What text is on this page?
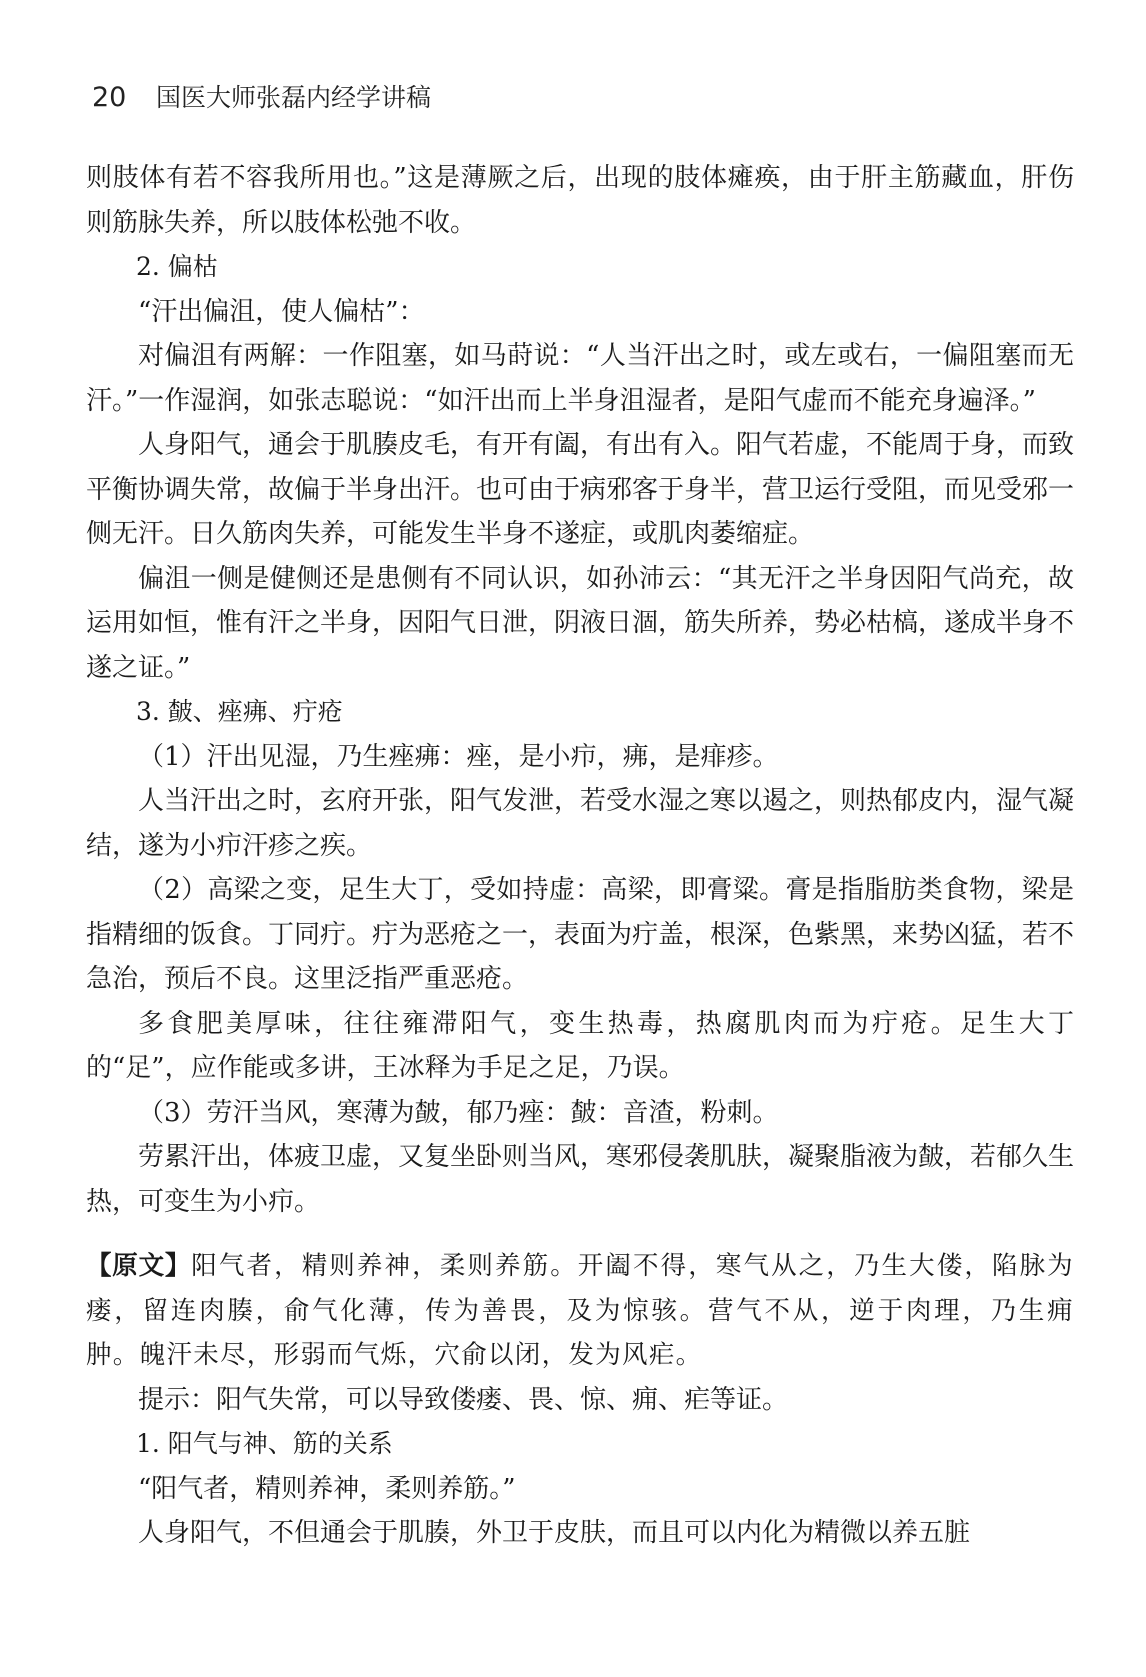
20 国医大师张磊内经学讲稿

则肢体有若不容我所用也。”这是薄厥之后，出现的肢体瘫痪，由于肝主筋藏血，肝伤则筋脉失养，所以肢体松弛不收。

2. 偏枯

“汗出偏沮，使人偏枯”：

对偏沮有两解：一作阻塞，如马莳说：“人当汗出之时，或左或右，一偏阻塞而无汗。”一作湿润，如张志聪说：“如汗出而上半身沮湿者，是阳气虚而不能充身遍泽。”

人身阳气，通会于肌腠皮毛，有开有阖，有出有入。阳气若虚，不能周于身，而致平衡协调失常，故偏于半身出汗。也可由于病邪客于身半，营卫运行受阻，而见受邪一侧无汗。日久筋肉失养，可能发生半身不遂症，或肌肉萎缩症。

偏沮一侧是健侧还是患侧有不同认识，如孙沛云：“其无汗之半身因阳气尚充，故运用如恒，惟有汗之半身，因阳气日泄，阴液日涸，筋失所养，势必枯槁，遂成半身不遂之证。”

3. 皶、痤疿、疔疮

（1）汗出见湿，乃生痤疿：痤，是小疖，疿，是痱疹。

人当汗出之时，玄府开张，阳气发泄，若受水湿之寒以遏之，则热郁皮内，湿气凝结，遂为小疖汗疹之疾。

（2）高梁之变，足生大丁，受如持虚：高梁，即膏粱。膏是指脂肪类食物，梁是指精细的饭食。丁同疔。疔为恶疮之一，表面为疔盖，根深，色紫黑，来势凶猛，若不急治，预后不良。这里泛指严重恶疮。

多食肥美厚味，往往雍滞阳气，变生热毒，热腐肌肉而为疔疮。足生大丁的“足”，应作能或多讲，王冰释为手足之足，乃误。

（3）劳汗当风，寒薄为皶，郁乃痤：皶：音渣，粉刺。

劳累汗出，体疲卫虚，又复坐卧则当风，寒邪侵袭肌肤，凝聚脂液为皶，若郁久生热，可变生为小疖。

【原文】阳气者，精则养神，柔则养筋。开阖不得，寒气从之，乃生大偻，陷脉为瘘，留连肉腠，俞气化薄，传为善畏，及为惊骇。营气不从，逆于肉理，乃生痈肿。魄汗未尽，形弱而气烁，穴俞以闭，发为风疟。

提示：阳气失常，可以导致偻瘘、畏、惊、痈、疟等证。

1. 阳气与神、筋的关系

“阳气者，精则养神，柔则养筋。”

人身阳气，不但通会于肌腠，外卫于皮肤，而且可以内化为精微以养五脏
